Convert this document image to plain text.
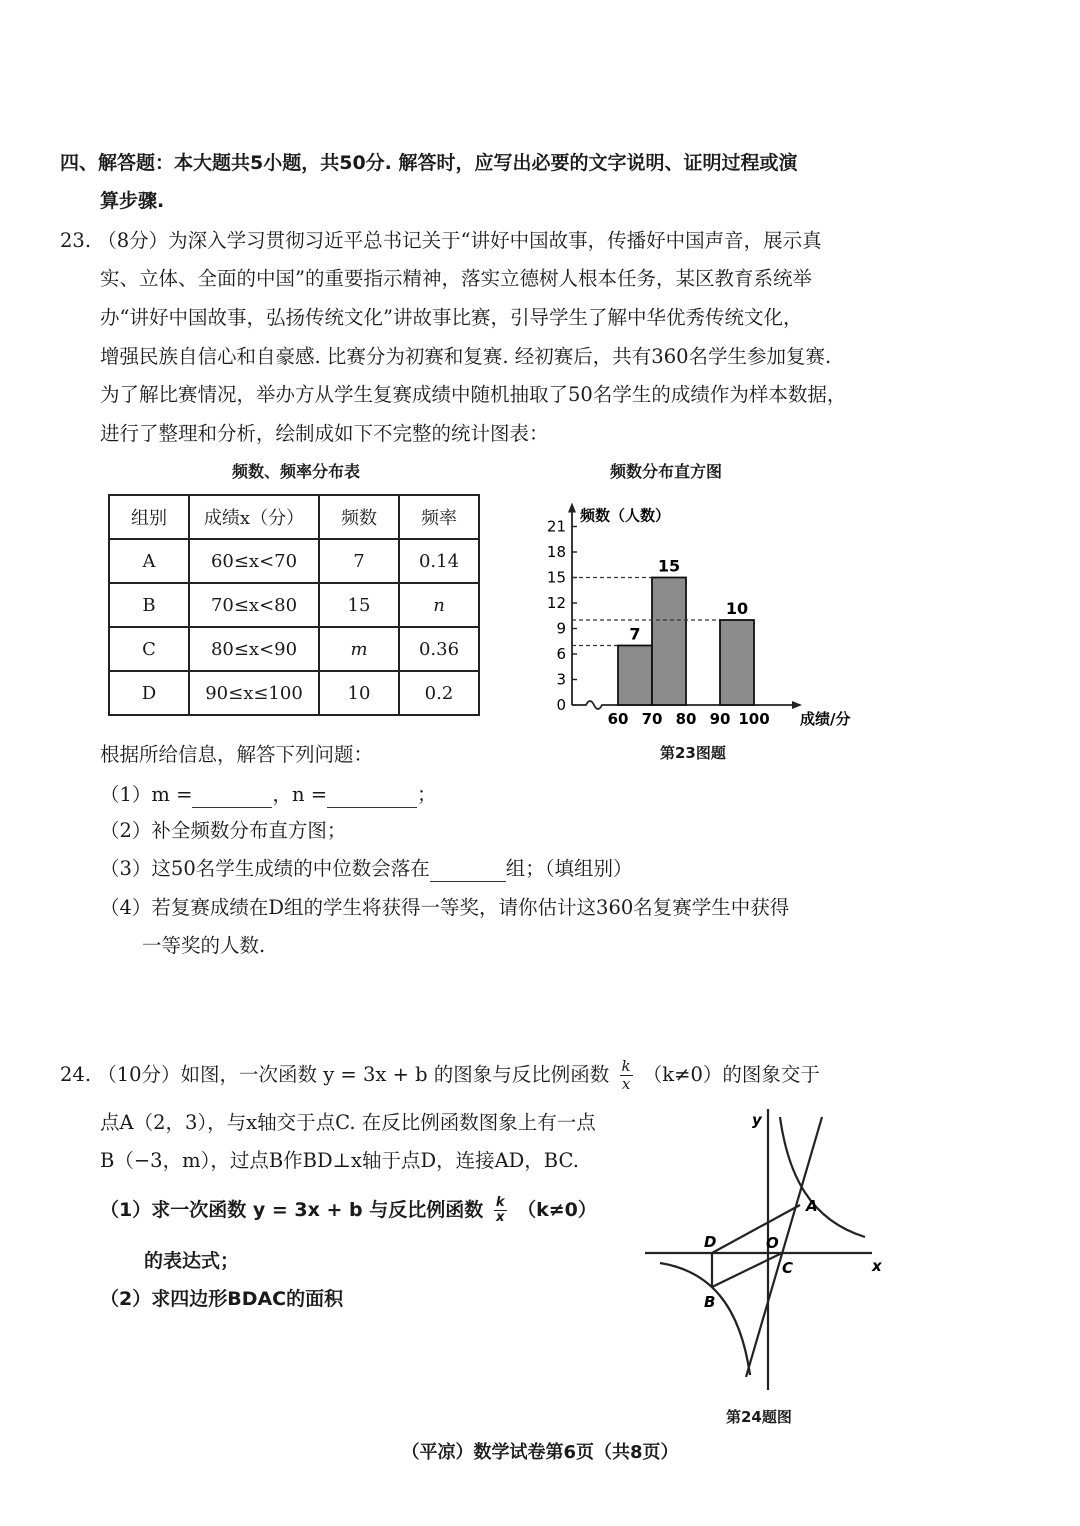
四、解答题：本大题共5小题，共50分. 解答时，应写出必要的文字说明、证明过程或演
算步骤.
23. （8分）为深入学习贯彻习近平总书记关于“讲好中国故事，传播好中国声音，展示真
实、立体、全面的中国”的重要指示精神，落实立德树人根本任务，某区教育系统举
办“讲好中国故事，弘扬传统文化”讲故事比赛，引导学生了解中华优秀传统文化，
增强民族自信心和自豪感. 比赛分为初赛和复赛. 经初赛后，共有360名学生参加复赛.
为了解比赛情况，举办方从学生复赛成绩中随机抽取了50名学生的成绩作为样本数据，
进行了整理和分析，绘制成如下不完整的统计图表：
频数、频率分布表
组别	成绩x（分）	频数	频率
A	60≤x<70	7	0.14
B	70≤x<80	15	n
C	80≤x<90	m	0.36
D	90≤x≤100	10	0.2
频数分布直方图
0
3
6
9
12
15
18
21
60 70 80 90 100
7
15
10
频数（人数）
成绩/分
第23图题
根据所给信息，解答下列问题：
（1）m =	，n =	；
（2）补全频数分布直方图；
（3）这50名学生成绩的中位数会落在	组；（填组别）
（4）若复赛成绩在D组的学生将获得一等奖，请你估计这360名复赛学生中获得
一等奖的人数.
24. （10分）如图，一次函数 y = 3x + b 的图象与反比例函数 $\frac{k}{x} (k\ne 0)$的图象交于
点A（2，3），与x轴交于点C. 在反比例函数图象上有一点
B（−3，m），过点B作BD⊥x轴于点D，连接AD，BC.
（1）求一次函数 y = 3x + b 与反比例函数 $\frac{k}{x} (k\ne 0)$
的表达式；
（2）求四边形BDAC的面积
y
x
A
B
C
D	O
第24题图
（平凉）数学试卷第6页（共8页）
